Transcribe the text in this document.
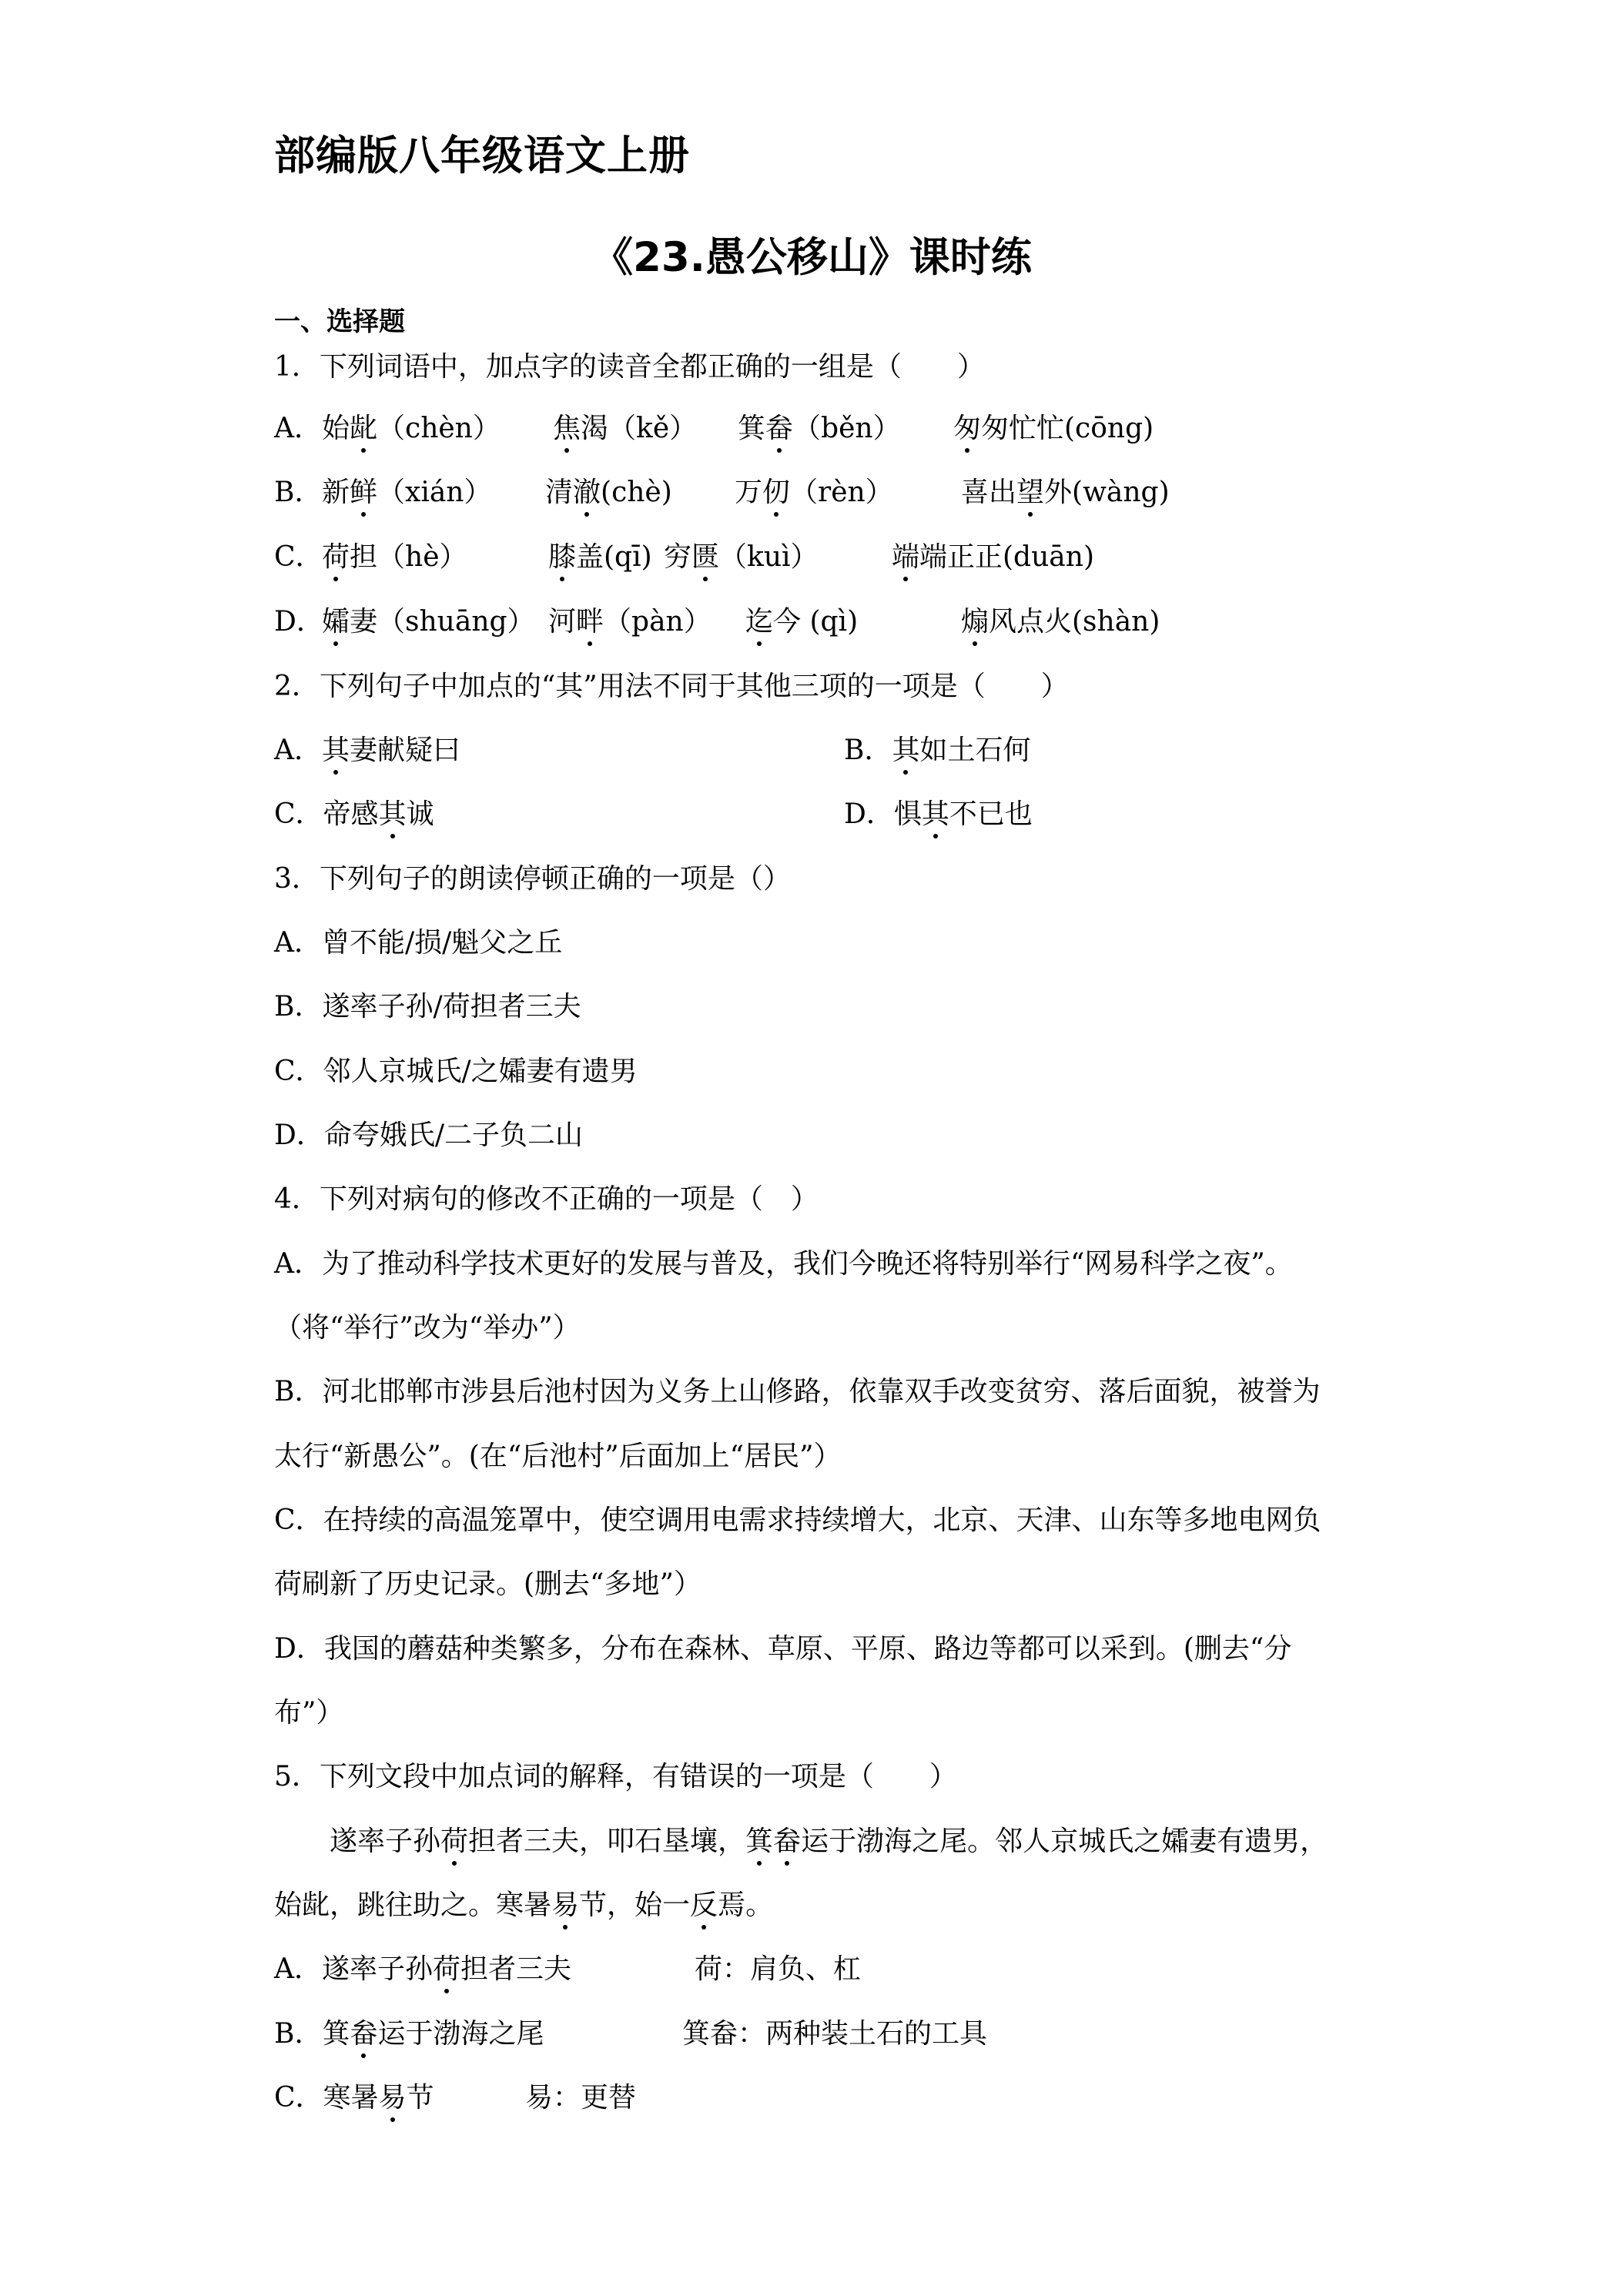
部编版八年级语文上册
《23.愚公移山》课时练
一、选择题
1．下列词语中，加点字的读音全都正确的一组是（　　）
A． 始龀（chèn） 焦渴（kě） 箕畚（běn） 匆匆忙忙(cōng)
B． 新鲜（xián） 清澈(chè) 万仞（rèn） 喜出望外(wàng)
C．
荷担（hè）	膝盖(qī) 穷匮（kuì）	端端正正(duān)
D．
孀妻（shuāng） 河畔（pàn） 迄今 (qì)	煽风点火(shàn)
2．下列句子中加点的“其”用法不同于其他三项的一项是（　　）
A．其妻献疑曰	B．其如土石何
C．帝感其诚	D．惧其不已也
3．下列句子的朗读停顿正确的一项是（）
A．曾不能/损/魁父之丘
B．遂率子孙/荷担者三夫
C．邻人京城氏/之孀妻有遗男
D．命夸娥氏/二子负二山
4．下列对病句的修改不正确的一项是（　）
A．为了推动科学技术更好的发展与普及，我们今晚还将特别举行“网易科学之夜”。
（将“举行”改为“举办”）
B．河北邯郸市涉县后池村因为义务上山修路，依靠双手改变贫穷、落后面貌，被誉为
太行“新愚公”。(在“后池村”后面加上“居民”）
C．在持续的高温笼罩中，使空调用电需求持续增大，北京、天津、山东等多地电网负
荷刷新了历史记录。(删去“多地”）
D．我国的蘑菇种类繁多，分布在森林、草原、平原、路边等都可以采到。(删去“分
布”）
5．下列文段中加点词的解释，有错误的一项是（　　）
遂率子孙荷担者三夫，叩石垦壤，箕畚运于渤海之尾。邻人京城氏之孀妻有遗男，
始龀，跳往助之。寒暑易节，始一反焉。
A．遂率子孙荷担者三夫	荷：肩负、杠
B．箕畚运于渤海之尾	箕畚：两种装土石的工具
C．寒暑易节	易：更替
